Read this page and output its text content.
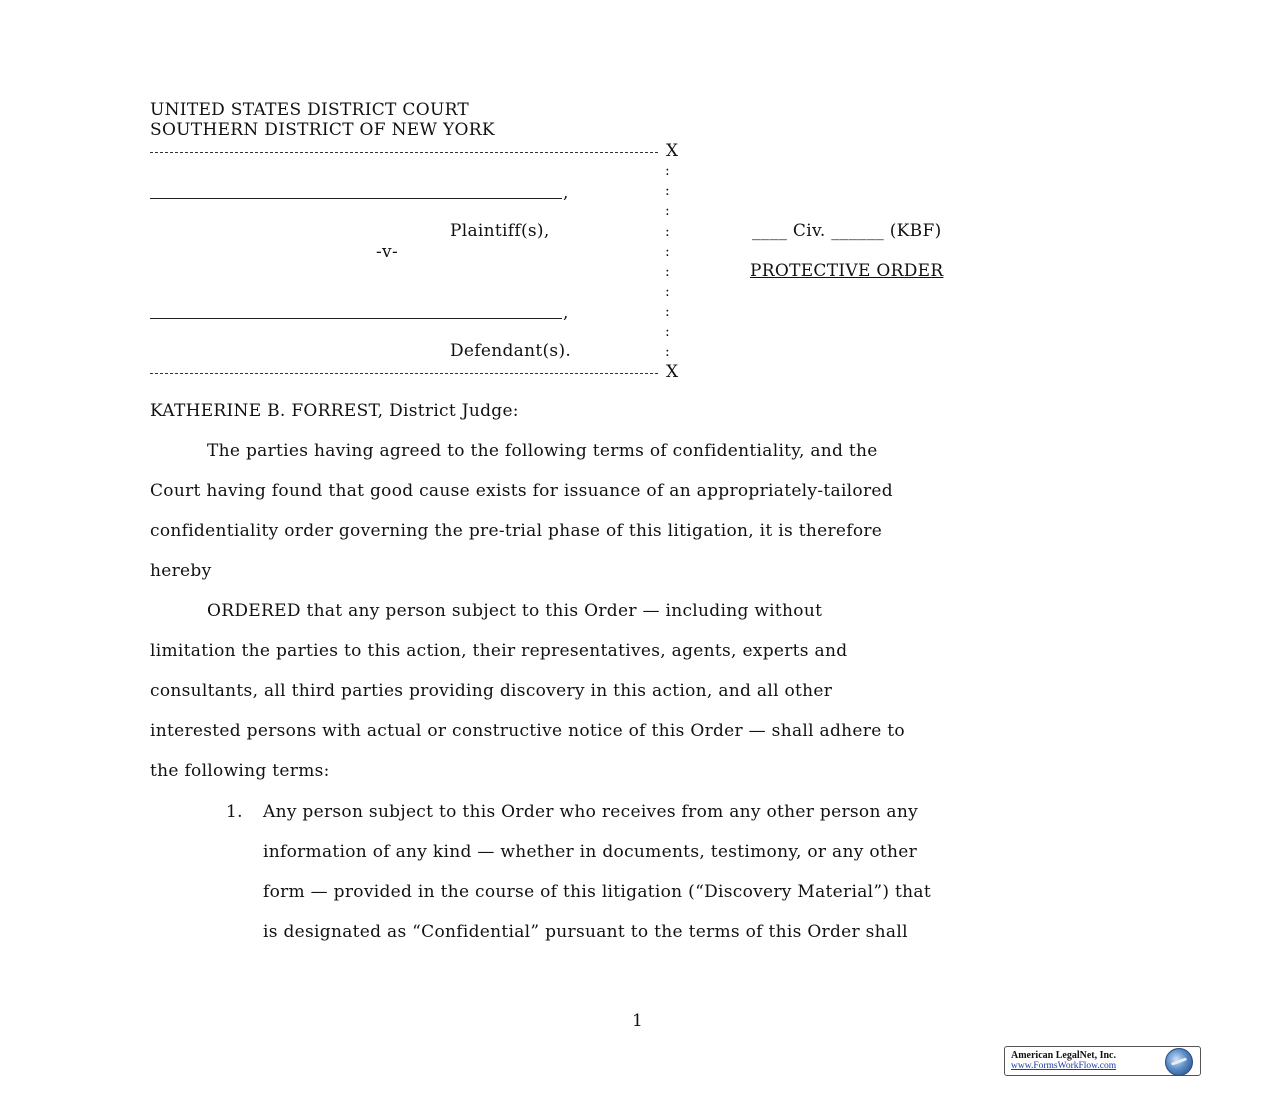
UNITED STATES DISTRICT COURT
SOUTHERN DISTRICT OF NEW YORK
X
:
:
:
:
:
:
:
:
:
:
,
Plaintiff(s),
-v-
,
Defendant(s).
X
____ Civ. ______ (KBF)
PROTECTIVE ORDER
KATHERINE B. FORREST, District Judge:
The parties having agreed to the following terms of confidentiality, and the
Court having found that good cause exists for issuance of an appropriately-tailored
confidentiality order governing the pre-trial phase of this litigation, it is therefore
hereby
ORDERED that any person subject to this Order — including without
limitation the parties to this action, their representatives, agents, experts and
consultants, all third parties providing discovery in this action, and all other
interested persons with actual or constructive notice of this Order — shall adhere to
the following terms:
1.	Any person subject to this Order who receives from any other person any
information of any kind — whether in documents, testimony, or any other
form — provided in the course of this litigation (“Discovery Material”) that
is designated as “Confidential” pursuant to the terms of this Order shall
1
American LegalNet, Inc.
www.FormsWorkFlow.com
